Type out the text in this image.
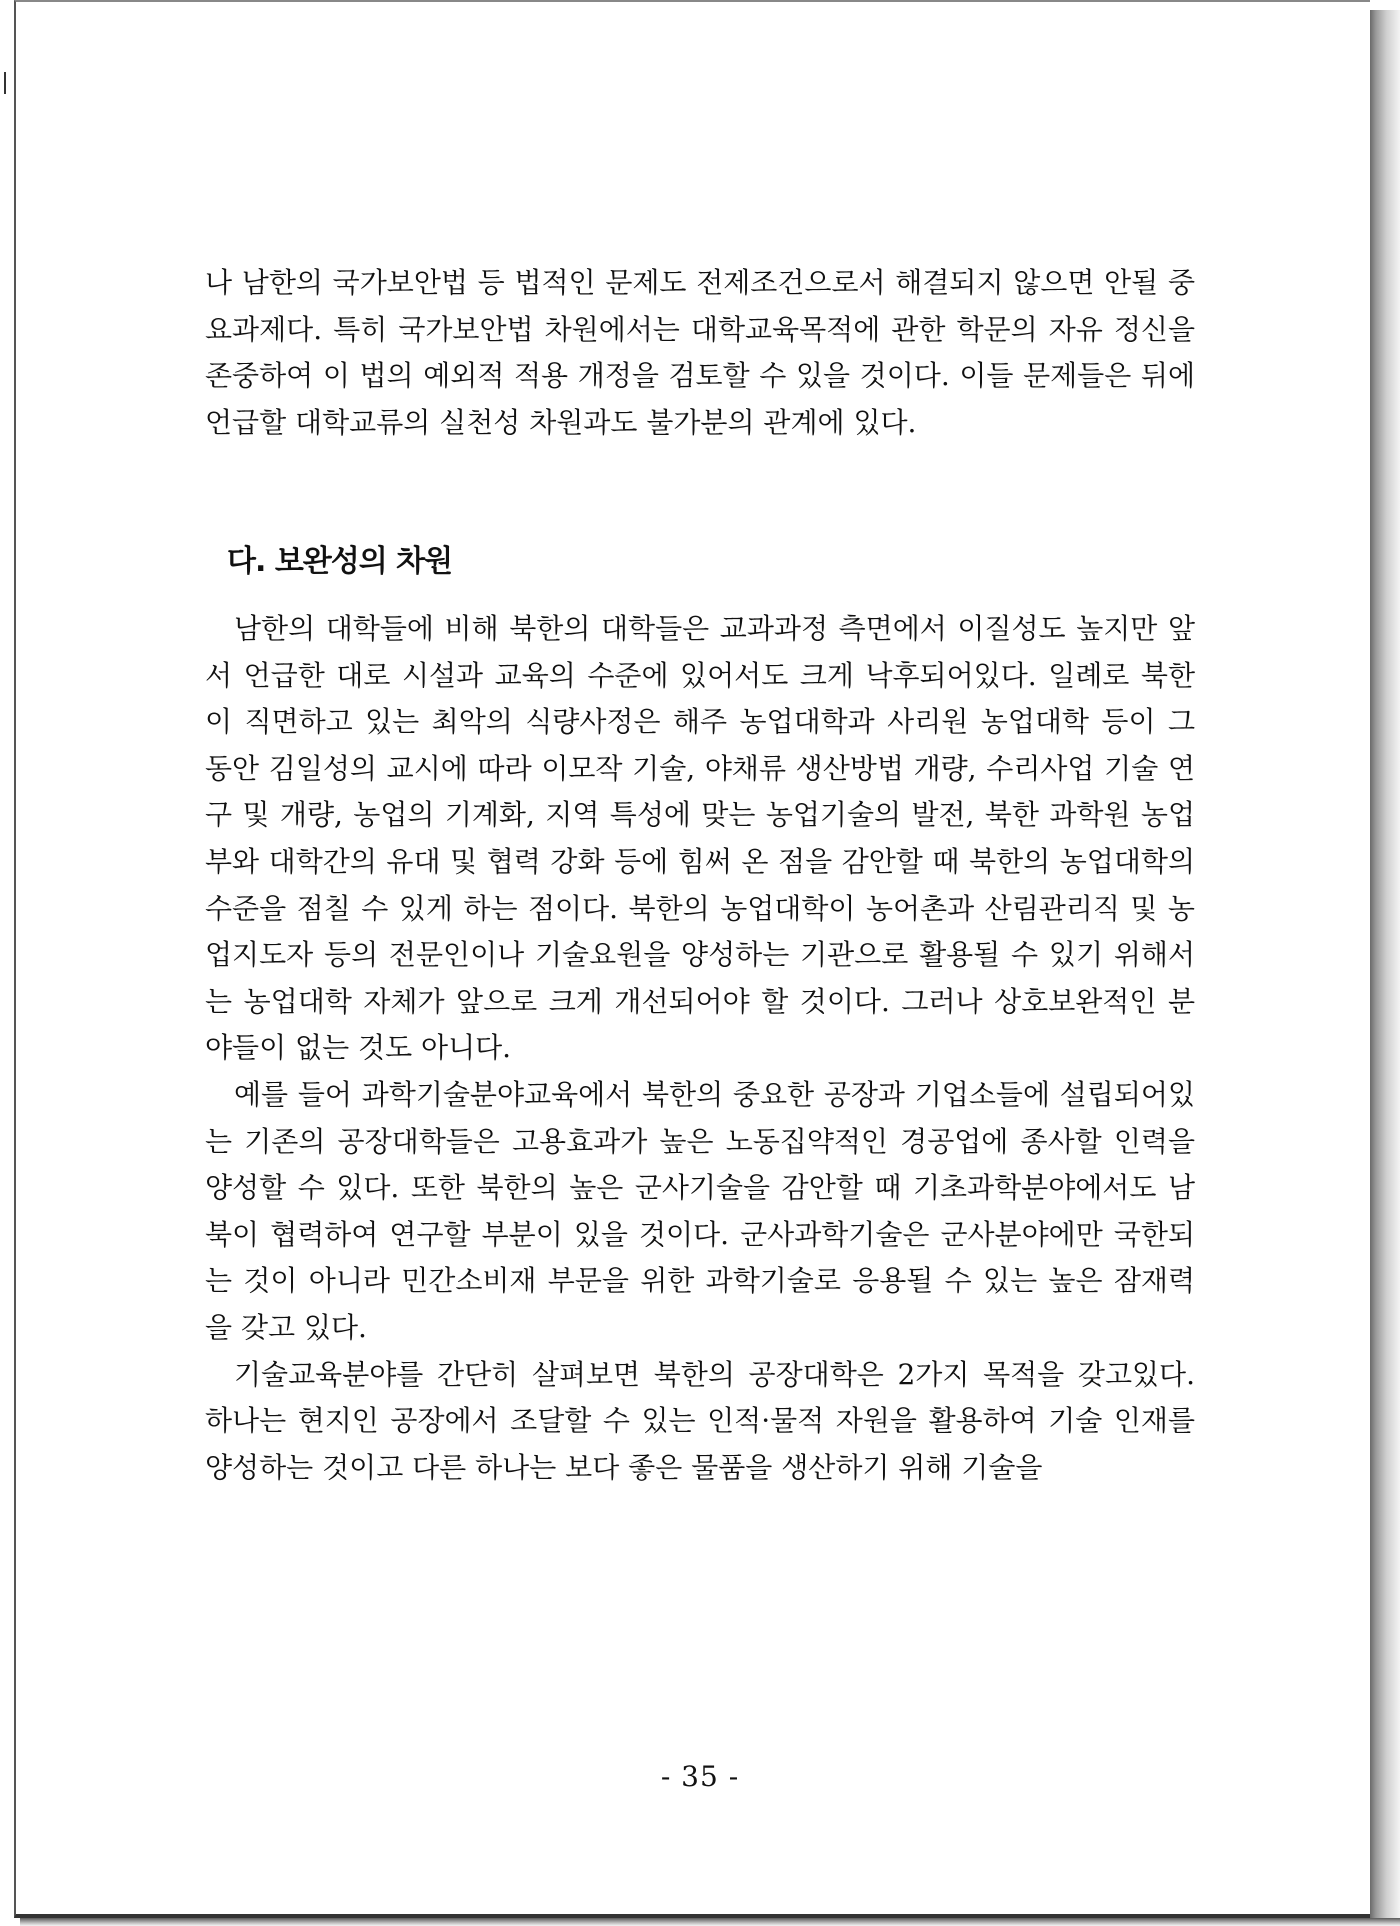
나 남한의 국가보안법 등 법적인 문제도 전제조건으로서 해결되지 않으면 안될 중요과제다. 특히 국가보안법 차원에서는 대학교육목적에 관한 학문의 자유 정신을 존중하여 이 법의 예외적 적용 개정을 검토할 수 있을 것이다. 이들 문제들은 뒤에 언급할 대학교류의 실천성 차원과도 불가분의 관계에 있다.

다. 보완성의 차원

남한의 대학들에 비해 북한의 대학들은 교과과정 측면에서 이질성도 높지만 앞서 언급한 대로 시설과 교육의 수준에 있어서도 크게 낙후되어있다. 일례로 북한이 직면하고 있는 최악의 식량사정은 해주 농업대학과 사리원 농업대학 등이 그 동안 김일성의 교시에 따라 이모작 기술, 야채류 생산방법 개량, 수리사업 기술 연구 및 개량, 농업의 기계화, 지역 특성에 맞는 농업기술의 발전, 북한 과학원 농업부와 대학간의 유대 및 협력 강화 등에 힘써 온 점을 감안할 때 북한의 농업대학의 수준을 점칠 수 있게 하는 점이다. 북한의 농업대학이 농어촌과 산림관리직 및 농업지도자 등의 전문인이나 기술요원을 양성하는 기관으로 활용될 수 있기 위해서는 농업대학 자체가 앞으로 크게 개선되어야 할 것이다. 그러나 상호보완적인 분야들이 없는 것도 아니다.

예를 들어 과학기술분야교육에서 북한의 중요한 공장과 기업소들에 설립되어있는 기존의 공장대학들은 고용효과가 높은 노동집약적인 경공업에 종사할 인력을 양성할 수 있다. 또한 북한의 높은 군사기술을 감안할 때 기초과학분야에서도 남북이 협력하여 연구할 부분이 있을 것이다. 군사과학기술은 군사분야에만 국한되는 것이 아니라 민간소비재 부문을 위한 과학기술로 응용될 수 있는 높은 잠재력을 갖고 있다.

기술교육분야를 간단히 살펴보면 북한의 공장대학은 2가지 목적을 갖고있다. 하나는 현지인 공장에서 조달할 수 있는 인적·물적 자원을 활용하여 기술 인재를 양성하는 것이고 다른 하나는 보다 좋은 물품을 생산하기 위해 기술을

- 35 -
